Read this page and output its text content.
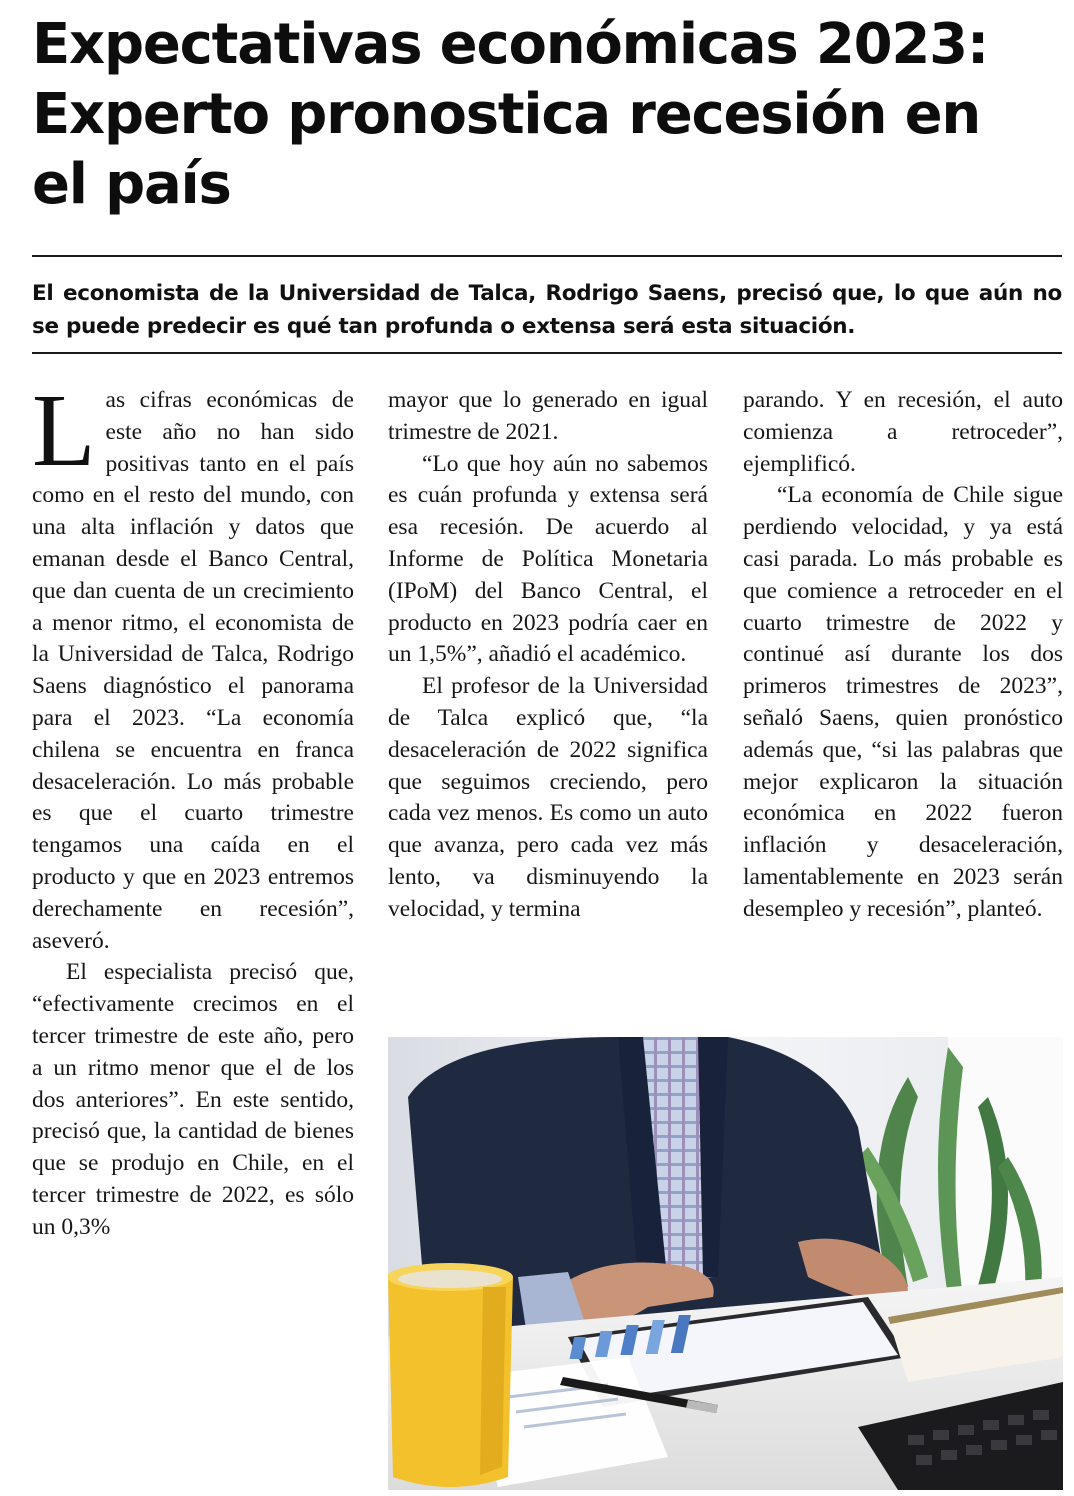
Expectativas económicas 2023: Experto pronostica recesión en el país

El economista de la Universidad de Talca, Rodrigo Saens, precisó que, lo que aún no se puede predecir es qué tan profunda o extensa será esta situación.

L as cifras económicas de este año no han sido positivas tanto en el país como en el resto del mundo, con una alta inflación y datos que emanan desde el Banco Central, que dan cuenta de un crecimiento a menor ritmo, el economista de la Universidad de Talca, Rodrigo Saens diagnóstico el panorama para el 2023. “La economía chilena se encuentra en franca desaceleración. Lo más probable es que el cuarto trimestre tengamos una caída en el producto y que en 2023 entremos derechamente en recesión”, aseveró.

El especialista precisó que, “efectivamente crecimos en el tercer trimestre de este año, pero a un ritmo menor que el de los dos anteriores”. En este sentido, precisó que, la cantidad de bienes que se produjo en Chile, en el tercer trimestre de 2022, es sólo un 0,3%

mayor que lo generado en igual trimestre de 2021.

“Lo que hoy aún no sabemos es cuán profunda y extensa será esa recesión. De acuerdo al Informe de Política Monetaria (IPoM) del Banco Central, el producto en 2023 podría caer en un 1,5%”, añadió el académico.

El profesor de la Universidad de Talca explicó que, “la desaceleración de 2022 significa que seguimos creciendo, pero cada vez menos. Es como un auto que avanza, pero cada vez más lento, va disminuyendo la velocidad, y termina

parando. Y en recesión, el auto comienza a retroceder”, ejemplificó.

“La economía de Chile sigue perdiendo velocidad, y ya está casi parada. Lo más probable es que comience a retroceder en el cuarto trimestre de 2022 y continué así durante los dos primeros trimestres de 2023”, señaló Saens, quien pronóstico además que, “si las palabras que mejor explicaron la situación económica en 2022 fueron inflación y desaceleración, lamentablemente en 2023 serán desempleo y recesión”, planteó.
